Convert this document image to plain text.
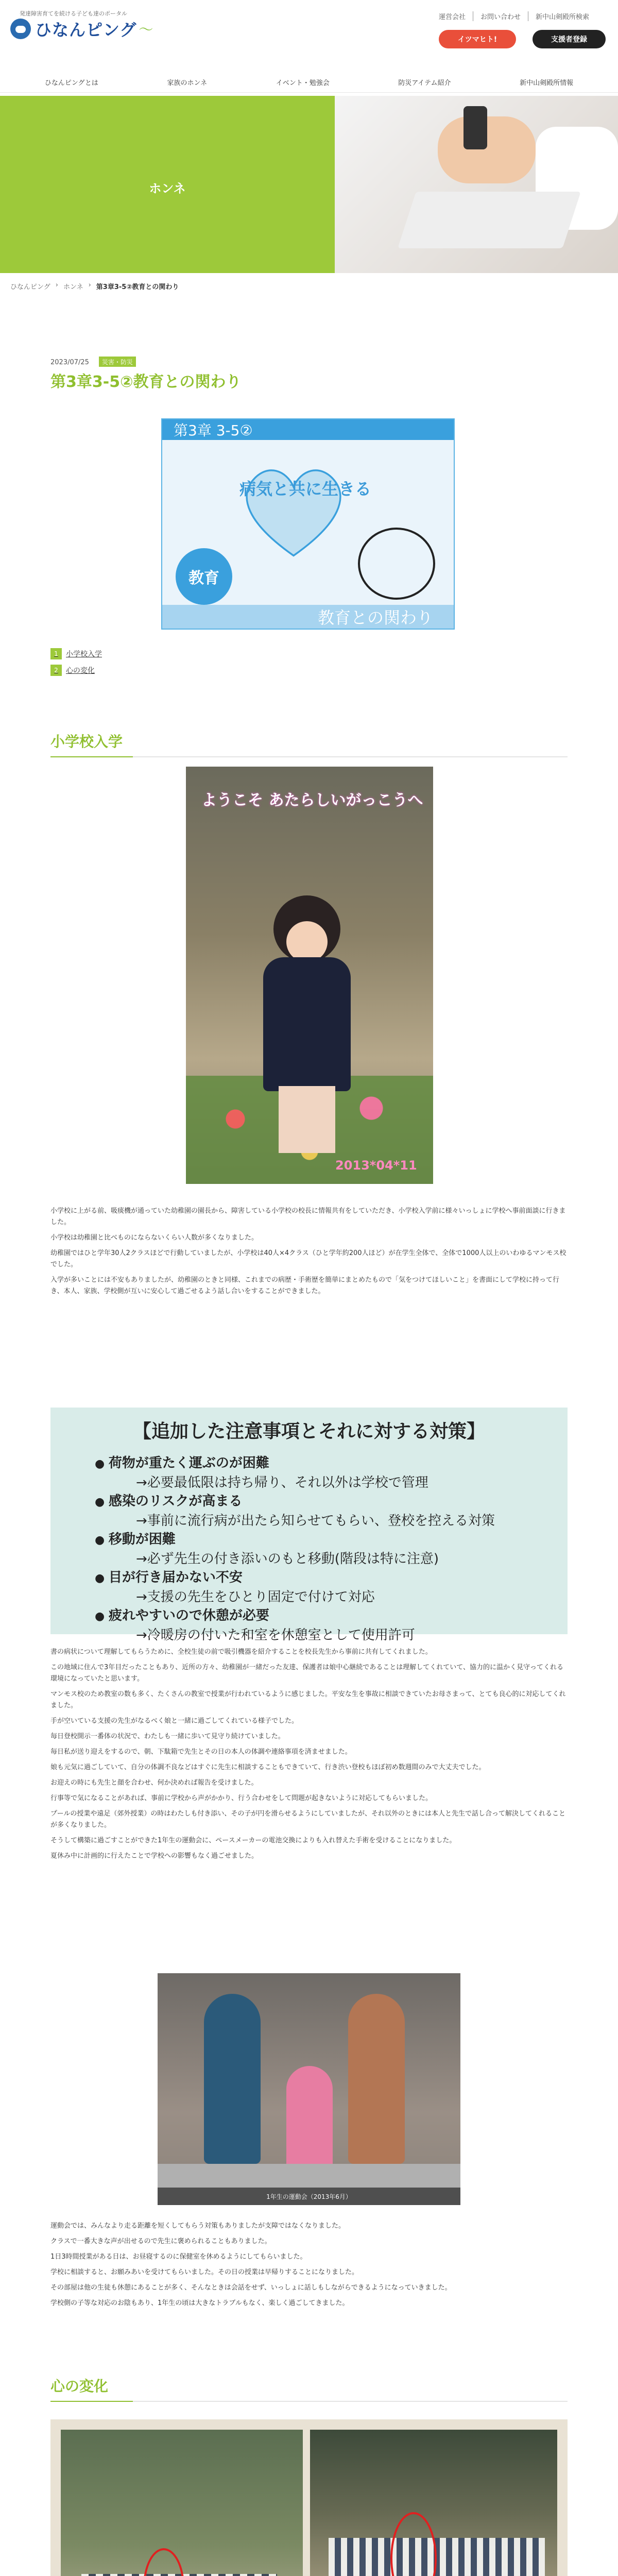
発達障害育てを続ける子ども達のポータル
ひなんピング 〜
運営会社	お問い合わせ	新中山剣殿所検索
イツマヒト!	支援者登録
ひなんピングとは	家族のホンネ	イベント・勉強会	防災アイテム紹介	新中山剣殿所情報
ホンネ
ひなんピング › ホンネ › 第3章3-5②教育との関わり
2023/07/25	災害・防災
第3章3-5②教育との関わり
第3章 3-5②
病気と共に生きる
教育
教育との関わり
1	小学校入学
2	心の変化
小学校入学
ようこそ あたらしいがっこうへ
2013*04*11

小学校に上がる前、吸痰機が通っていた幼稚園の園長から、障害している小学校の校長に情報共有をしていただき、小学校入学前に様々いっしょに学校へ事前面談に行きました。

小学校は幼稚園と比べものにならないくらい人数が多くなりました。

幼稚園ではひと学年30人2クラスほどで行動していましたが、小学校は40人×4クラス（ひと学年約200人ほど）が在学生全体で、全体で1000人以上のいわゆるマンモス校でした。

入学が多いことには不安もありましたが、幼稚園のときと同様、これまでの病歴・手術歴を簡単にまとめたもので「気をつけてほしいこと」を書面にして学校に持って行き、本人、家族、学校側が互いに安心して過ごせるよう話し合いをすることができました。

【追加した注意事項とそれに対する対策】
● 荷物が重たく運ぶのが困難
→必要最低限は持ち帰り、それ以外は学校で管理
● 感染のリスクが高まる
→事前に流行病が出たら知らせてもらい、登校を控える対策
● 移動が困難
→必ず先生の付き添いのもと移動(階段は特に注意)
● 目が行き届かない不安
→支援の先生をひとり固定で付けて対応
● 疲れやすいので休憩が必要
→冷暖房の付いた和室を休憩室として使用許可

書の病状について理解してもらうために、全校生徒の前で吸引機器を紹介することを校長先生から事前に共有してくれました。

この地域に住んで3年目だったこともあり、近所の方々、幼稚園が一緒だった友達、保護者は娘中心継続であることは理解してくれていて、協力的に温かく見守ってくれる環境になっていたと思います。

マンモス校のため教室の数も多く、たくさんの教室で授業が行われているように感じました。平安な生を事故に相談できていたお母さまって、とても良心的に対応してくれました。

手が空いている支援の先生がなるべく娘と一緒に過ごしてくれている様子でした。

毎日登校開示一番体の状況で、わたしも一緒に歩いて見守り続けていました。

毎日私が送り迎えをするので、朝、下駄箱で先生とその日の本人の体調や連絡事項を済ませました。

娘も元気に過ごしていて、自分の体調不良などはすぐに先生に相談することもできていて、行き渋い登校もほぼ初め数週間のみで大丈夫でした。

お迎えの時にも先生と顔を合わせ、何か決めれば報告を受けました。

行事等で気になることがあれば、事前に学校から声がかかり、行う合わせをして問題が起きないように対応してもらいました。

プールの授業や遠足（郊外授業）の時はわたしも付き添い、その子が円を滑らせるようにしていましたが、それ以外のときには本人と先生で話し合って解決してくれることが多くなりました。

そうして構築に過ごすことができた1年生の運動会に、ペースメーカーの電池交換によりも入れ替えた手術を受けることになりました。

夏休み中に計画的に行えたことで学校への影響もなく過ごせました。

1年生の運動会（2013年6月）

運動会では、みんなより走る距離を短くしてもらう対策もありましたが支障ではなくなりました。

クラスで一番大きな声が出せるので先生に褒められることもありました。

1日3時間授業がある日は、お昼寝するのに保健室を休めるようにしてもらいました。

学校に相談すると、お願みあいを受けてもらいました。その日の授業は早帰りすることになりました。

その部屋は他の生徒も休憩にあることが多く、そんなときは会話をせず、いっしょに話しもしながらできるようになっていきました。

学校側の子等な対応のお陰もあり、1年生の頃は大きなトラブルもなく、楽しく過ごしてきました。

心の変化
